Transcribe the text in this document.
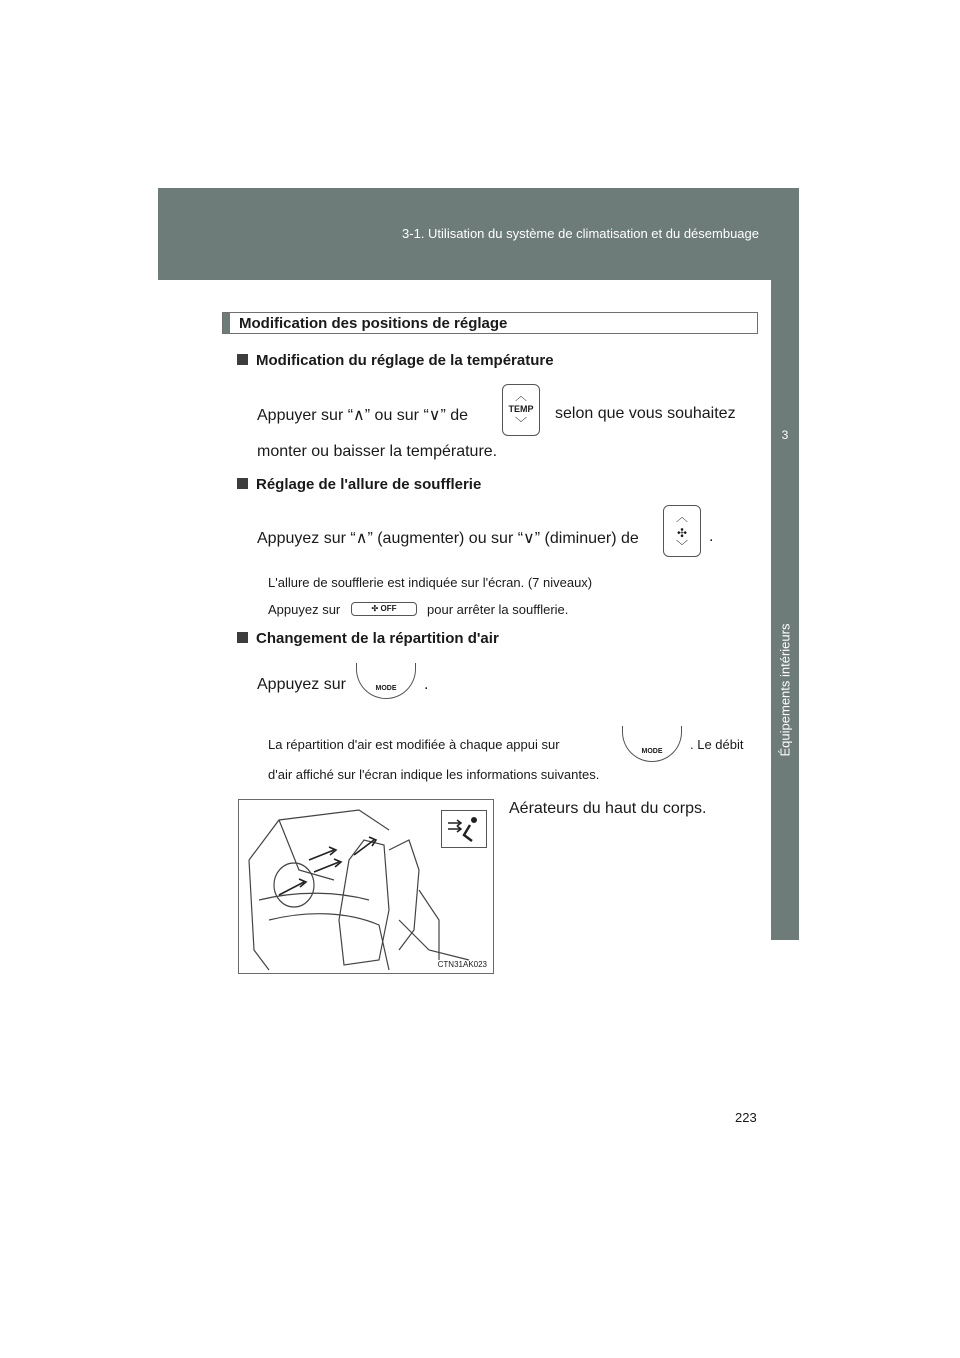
3-1. Utilisation du système de climatisation et du désembuage
3
Équipements intérieurs
Modification des positions de réglage
Modification du réglage de la température
Appuyer sur “∧” ou sur “∨” de
︿
TEMP
﹀
selon que vous souhaitez
monter ou baisser la température.
Réglage de l'allure de soufflerie
Appuyez sur “∧” (augmenter) ou sur “∨” (diminuer) de
︿
✣
﹀
.
L'allure de soufflerie est indiquée sur l'écran. (7 niveaux)
Appuyez sur	✣ OFF	pour arrêter la soufflerie.
Changement de la répartition d'air
Appuyez sur	MODE	.
La répartition d'air est modifiée à chaque appui sur	MODE	. Le débit
d'air affiché sur l'écran indique les informations suivantes.
CTN31AK023
Aérateurs du haut du corps.
223
